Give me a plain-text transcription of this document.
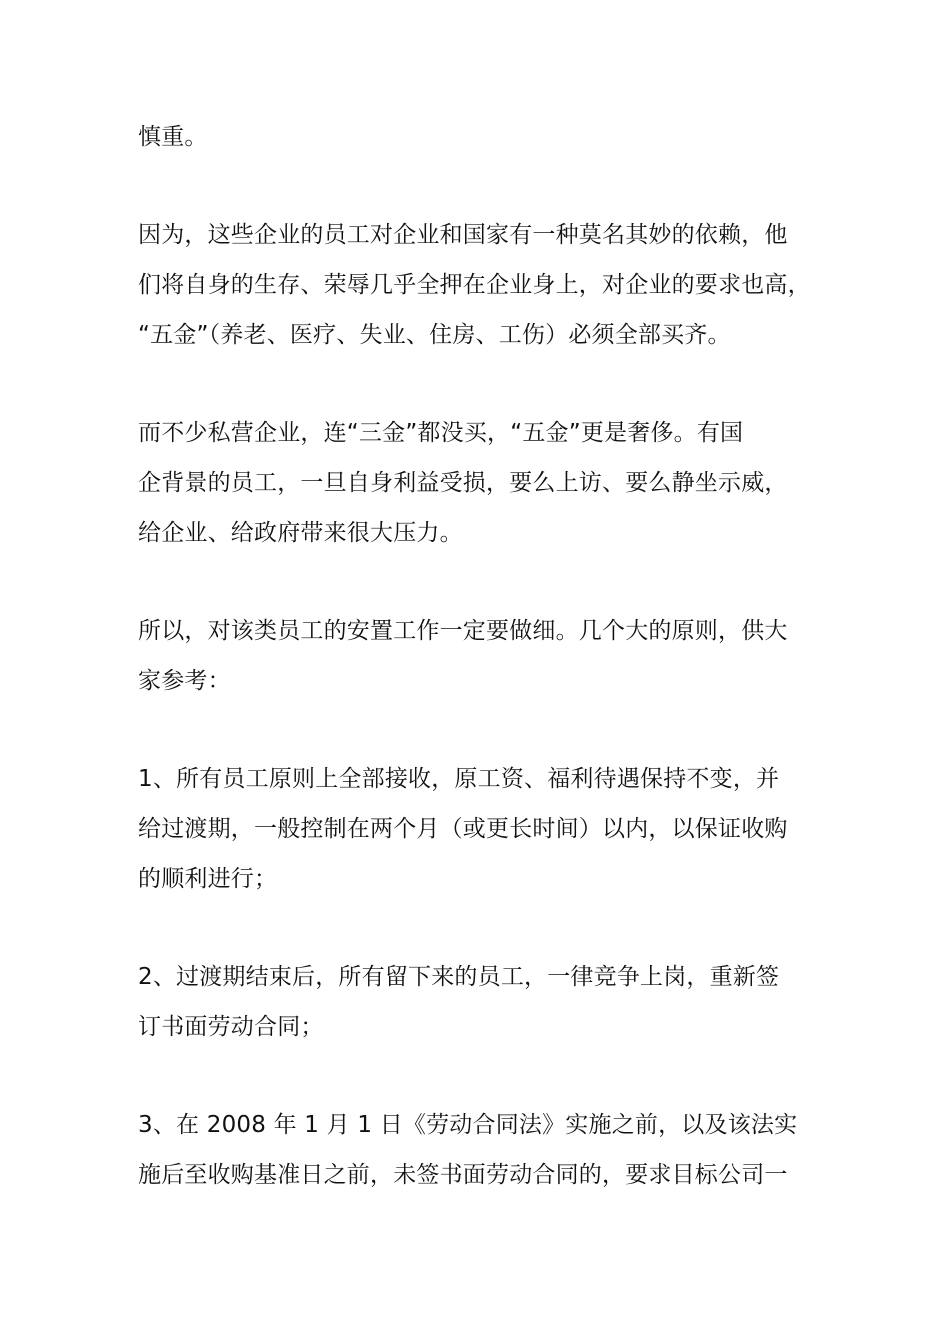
慎重。

因为，这些企业的员工对企业和国家有一种莫名其妙的依赖，他
们将自身的生存、荣辱几乎全押在企业身上，对企业的要求也高，
“五金”（养老、医疗、失业、住房、工伤）必须全部买齐。

而不少私营企业，连“三金”都没买，“五金”更是奢侈。有国
企背景的员工，一旦自身利益受损，要么上访、要么静坐示威，
给企业、给政府带来很大压力。

所以，对该类员工的安置工作一定要做细。几个大的原则，供大
家参考：

1、所有员工原则上全部接收，原工资、福利待遇保持不变，并
给过渡期，一般控制在两个月（或更长时间）以内，以保证收购
的顺利进行；

2、过渡期结束后，所有留下来的员工，一律竞争上岗，重新签
订书面劳动合同；

3、在 2008 年 1 月 1 日《劳动合同法》实施之前，以及该法实
施后至收购基准日之前，未签书面劳动合同的，要求目标公司一
